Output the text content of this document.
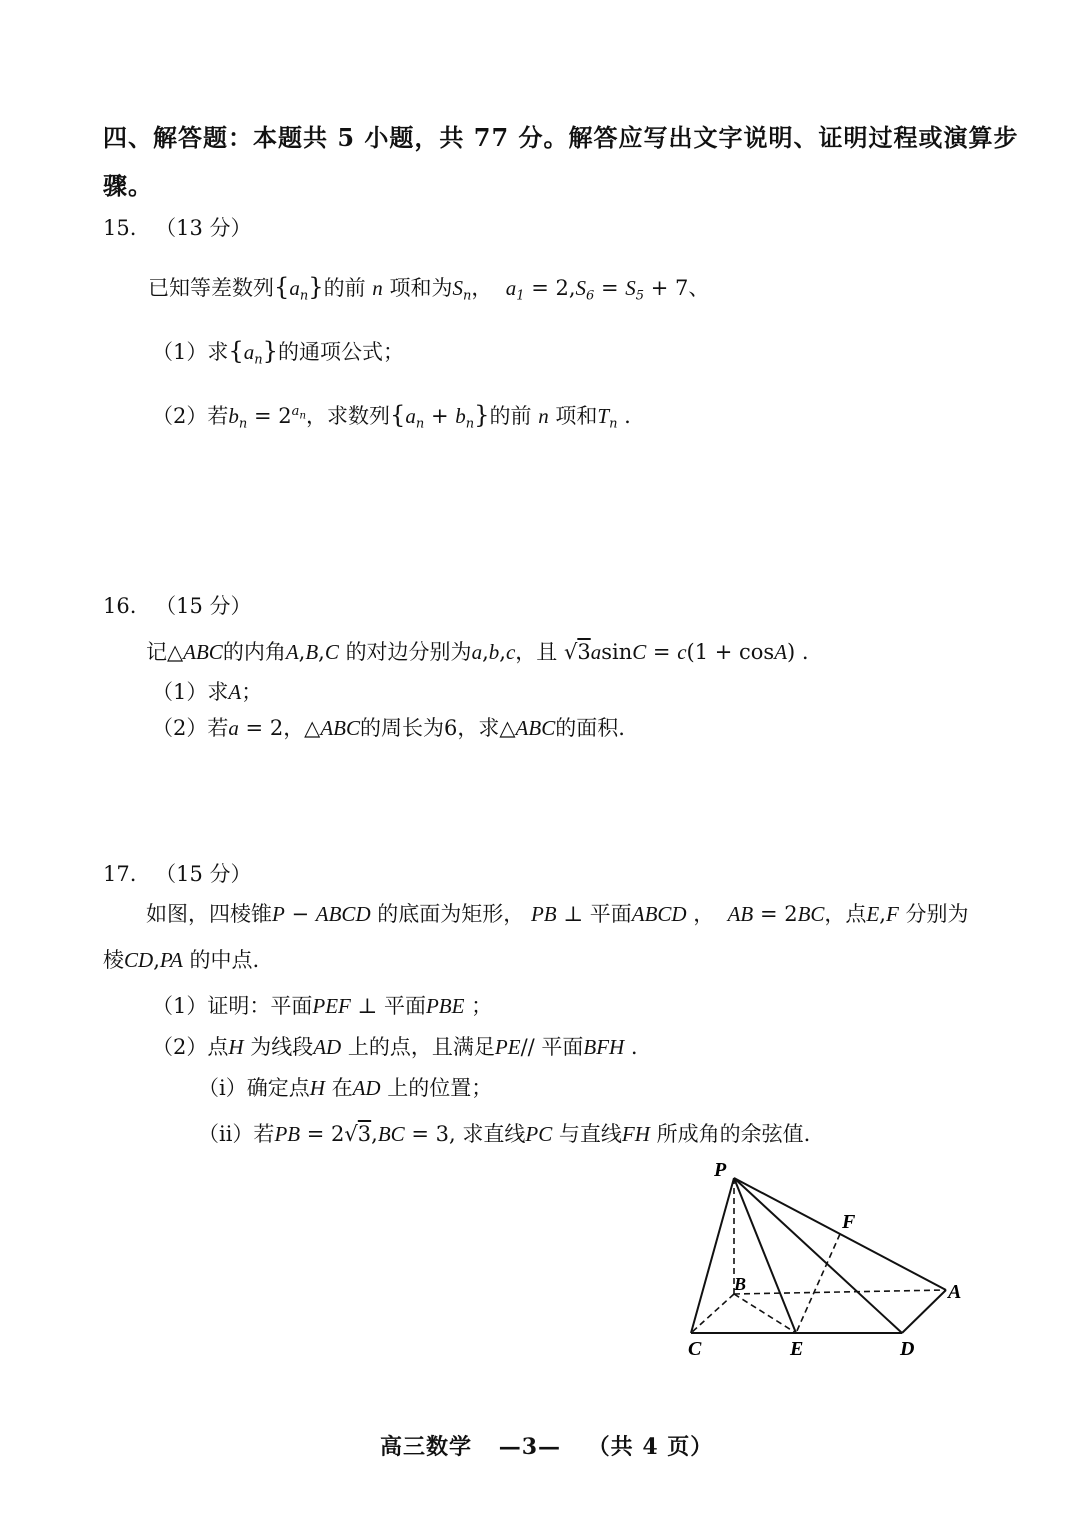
四、解答题：本题共 5 小题，共 77 分。解答应写出文字说明、证明过程或演算步
骤。
15. （13 分）
已知等差数列$\{a_n\}$的前 n 项和为$S_n$， $a_1 = 2,S_6 = S_5 + 7$、
（1）求$\{a_n\}$的通项公式；
（2）若$b_n = 2^{a_n}$，求数列$\{a_n + b_n\}$的前 n 项和$T_n$ .
16. （15 分）
记△ABC的内角A,B,C 的对边分别为a,b,c，且 √3asinC = c(1 + cosA) .
（1）求A；
（2）若a = 2，△ABC的周长为6，求△ABC的面积.
17. （15 分）
如图，四棱锥P − ABCD 的底面为矩形， PB ⊥ 平面ABCD ，  AB = 2BC，点E,F 分别为
棱CD,PA 的中点.
（1）证明：平面PEF ⊥ 平面PBE ；
（2）点H 为线段AD 上的点，且满足PE// 平面BFH .
（ⅰ）确定点H 在AD 上的位置；
（ⅱ）若PB = 2√3,BC = 3, 求直线PC 与直线FH 所成角的余弦值.
P
F
B	A
C	E	D
高三数学 —3— （共 4 页）
